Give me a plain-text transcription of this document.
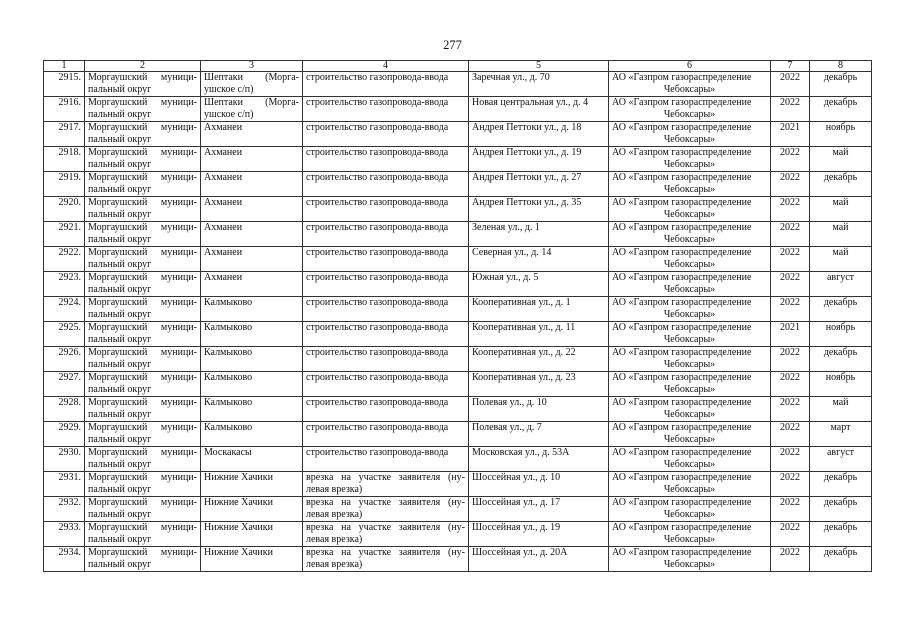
277
1	2	3	4	5	6	7	8
2915.	Моргаушский муници-пальный округ	Шептаки (Морга-ушское с/п)	строительство газопровода-ввода	Заречная ул., д. 70	АО «Газпром газораспределение
Чебоксары»	2022	декабрь
2916.	Моргаушский муници-пальный округ	Шептаки (Морга-ушское с/п)	строительство газопровода-ввода	Новая центральная ул., д. 4	АО «Газпром газораспределение
Чебоксары»	2022	декабрь
2917.	Моргаушский муници-пальный округ	Ахманеи	строительство газопровода-ввода	Андрея Петтоки ул., д. 18	АО «Газпром газораспределение
Чебоксары»	2021	ноябрь
2918.	Моргаушский муници-пальный округ	Ахманеи	строительство газопровода-ввода	Андрея Петтоки ул., д. 19	АО «Газпром газораспределение
Чебоксары»	2022	май
2919.	Моргаушский муници-пальный округ	Ахманеи	строительство газопровода-ввода	Андрея Петтоки ул., д. 27	АО «Газпром газораспределение
Чебоксары»	2022	декабрь
2920.	Моргаушский муници-пальный округ	Ахманеи	строительство газопровода-ввода	Андрея Петтоки ул., д. 35	АО «Газпром газораспределение
Чебоксары»	2022	май
2921.	Моргаушский муници-пальный округ	Ахманеи	строительство газопровода-ввода	Зеленая ул., д. 1	АО «Газпром газораспределение
Чебоксары»	2022	май
2922.	Моргаушский муници-пальный округ	Ахманеи	строительство газопровода-ввода	Северная ул., д. 14	АО «Газпром газораспределение
Чебоксары»	2022	май
2923.	Моргаушский муници-пальный округ	Ахманеи	строительство газопровода-ввода	Южная ул., д. 5	АО «Газпром газораспределение
Чебоксары»	2022	август
2924.	Моргаушский муници-пальный округ	Калмыково	строительство газопровода-ввода	Кооперативная ул., д. 1	АО «Газпром газораспределение
Чебоксары»	2022	декабрь
2925.	Моргаушский муници-пальный округ	Калмыково	строительство газопровода-ввода	Кооперативная ул., д. 11	АО «Газпром газораспределение
Чебоксары»	2021	ноябрь
2926.	Моргаушский муници-пальный округ	Калмыково	строительство газопровода-ввода	Кооперативная ул., д. 22	АО «Газпром газораспределение
Чебоксары»	2022	декабрь
2927.	Моргаушский муници-пальный округ	Калмыково	строительство газопровода-ввода	Кооперативная ул., д. 23	АО «Газпром газораспределение
Чебоксары»	2022	ноябрь
2928.	Моргаушский муници-пальный округ	Калмыково	строительство газопровода-ввода	Полевая ул., д. 10	АО «Газпром газораспределение
Чебоксары»	2022	май
2929.	Моргаушский муници-пальный округ	Калмыково	строительство газопровода-ввода	Полевая ул., д. 7	АО «Газпром газораспределение
Чебоксары»	2022	март
2930.	Моргаушский муници-пальный округ	Москакасы	строительство газопровода-ввода	Московская ул., д. 53А	АО «Газпром газораспределение
Чебоксары»	2022	август
2931.	Моргаушский муници-пальный округ	Нижние Хачики	врезка на участке заявителя (ну-левая врезка)	Шоссейная ул., д. 10	АО «Газпром газораспределение
Чебоксары»	2022	декабрь
2932.	Моргаушский муници-пальный округ	Нижние Хачики	врезка на участке заявителя (ну-левая врезка)	Шоссейная ул., д. 17	АО «Газпром газораспределение
Чебоксары»	2022	декабрь
2933.	Моргаушский муници-пальный округ	Нижние Хачики	врезка на участке заявителя (ну-левая врезка)	Шоссейная ул., д. 19	АО «Газпром газораспределение
Чебоксары»	2022	декабрь
2934.	Моргаушский муници-пальный округ	Нижние Хачики	врезка на участке заявителя (ну-левая врезка)	Шоссейная ул., д. 20А	АО «Газпром газораспределение
Чебоксары»	2022	декабрь
